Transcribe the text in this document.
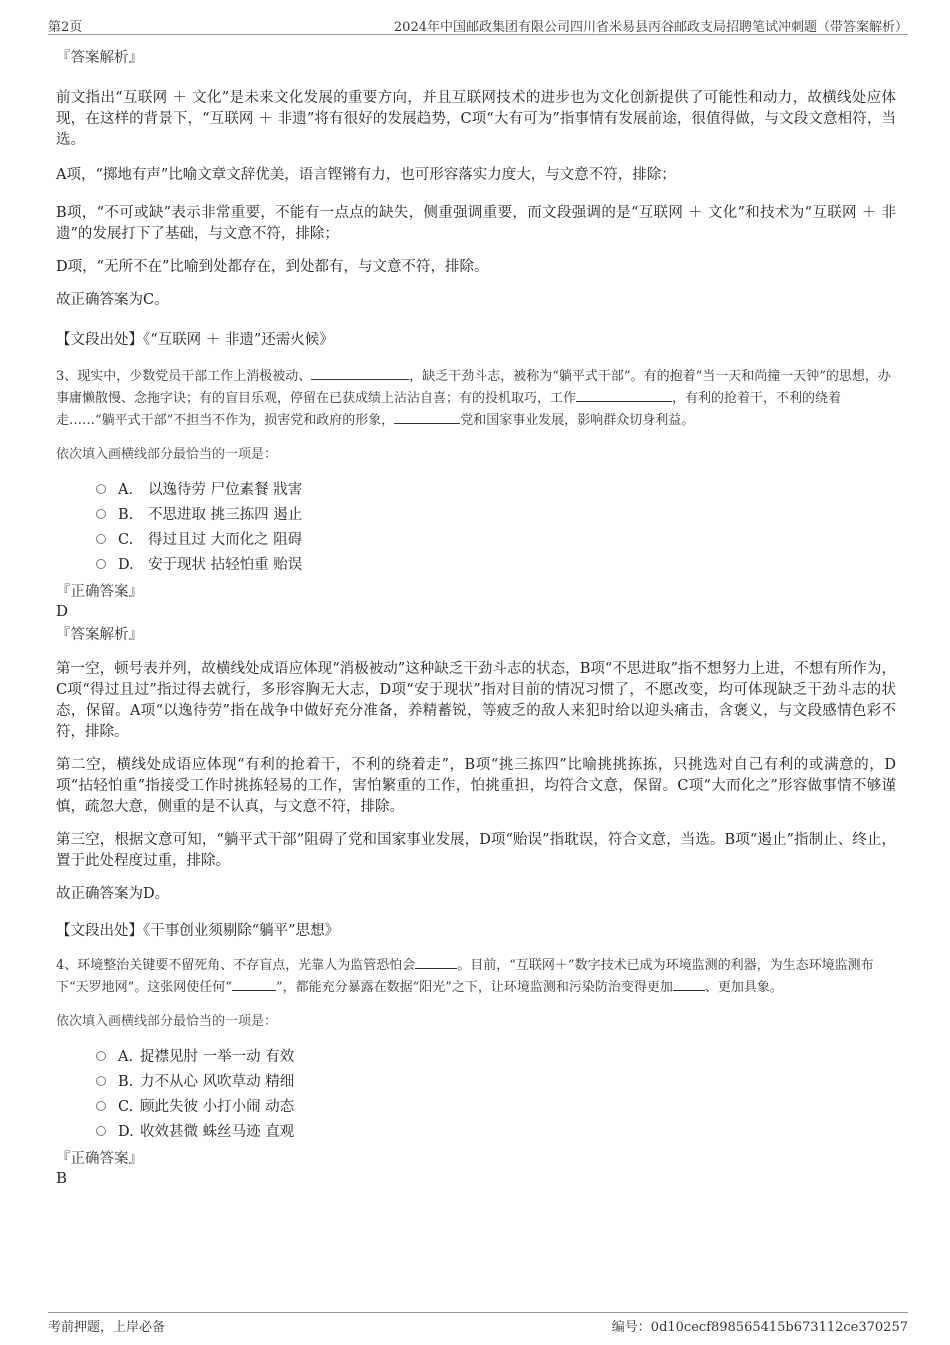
第2页	2024年中国邮政集团有限公司四川省米易县丙谷邮政支局招聘笔试冲刺题（带答案解析）

『答案解析』

前文指出“互联网 ＋ 文化”是未来文化发展的重要方向，并且互联网技术的进步也为文化创新提供了可能性和动力，故横线处应体现，在这样的背景下，“互联网 ＋ 非遗”将有很好的发展趋势，C项“大有可为”指事情有发展前途，很值得做，与文段文意相符，当选。

A项，“掷地有声”比喻文章文辞优美，语言铿锵有力，也可形容落实力度大，与文意不符，排除；

B项，“不可或缺”表示非常重要，不能有一点点的缺失，侧重强调重要，而文段强调的是“互联网 ＋ 文化”和技术为“互联网 ＋ 非遗”的发展打下了基础，与文意不符，排除；

D项，“无所不在”比喻到处都存在，到处都有，与文意不符，排除。

故正确答案为C。

【文段出处】《“互联网 ＋ 非遗”还需火候》

3、现实中，少数党员干部工作上消极被动、	，缺乏干劲斗志，被称为“躺平式干部”。有的抱着“当一天和尚撞一天钟”的思想，办事庸懒散慢、念拖字诀；有的盲目乐观，停留在已获成绩上沾沾自喜；有的投机取巧，工作	，有利的抢着干，不利的绕着走……“躺平式干部”不担当不作为，损害党和政府的形象，	党和国家事业发展，影响群众切身利益。

依次填入画横线部分最恰当的一项是：

A． 以逸待劳 尸位素餐 戕害
B. 不思进取 挑三拣四 遏止
C. 得过且过 大而化之 阻碍
D. 安于现状 拈轻怕重 贻误

『正确答案』

D

『答案解析』

第一空，顿号表并列，故横线处成语应体现“消极被动”这种缺乏干劲斗志的状态，B项“不思进取”指不想努力上进，不想有所作为，C项“得过且过”指过得去就行，多形容胸无大志，D项“安于现状”指对目前的情况习惯了，不愿改变，均可体现缺乏干劲斗志的状态，保留。A项“以逸待劳”指在战争中做好充分准备，养精蓄锐，等疲乏的敌人来犯时给以迎头痛击，含褒义，与文段感情色彩不符，排除。

第二空，横线处成语应体现“有利的抢着干，不利的绕着走”，B项“挑三拣四”比喻挑挑拣拣，只挑选对自己有利的或满意的，D项“拈轻怕重”指接受工作时挑拣轻易的工作，害怕繁重的工作，怕挑重担，均符合文意，保留。C项“大而化之”形容做事情不够谨慎，疏忽大意，侧重的是不认真，与文意不符，排除。

第三空，根据文意可知，“躺平式干部”阻碍了党和国家事业发展，D项“贻误”指耽误，符合文意，当选。B项“遏止”指制止、终止，置于此处程度过重，排除。

故正确答案为D。

【文段出处】《干事创业须剔除“躺平”思想》

4、环境整治关键要不留死角、不存盲点，光靠人为监管恐怕会	。目前，“互联网＋”数字技术已成为环境监测的利器，为生态环境监测布下“天罗地网”。这张网使任何“	”，都能充分暴露在数据“阳光”之下，让环境监测和污染防治变得更加 、更加具象。

依次填入画横线部分最恰当的一项是：

A．捉襟见肘 一举一动 有效
B. 力不从心 风吹草动 精细
C. 顾此失彼 小打小闹 动态
D. 收效甚微 蛛丝马迹 直观

『正确答案』

B

考前押题，上岸必备	编号：0d10cecf898565415b673112ce370257
